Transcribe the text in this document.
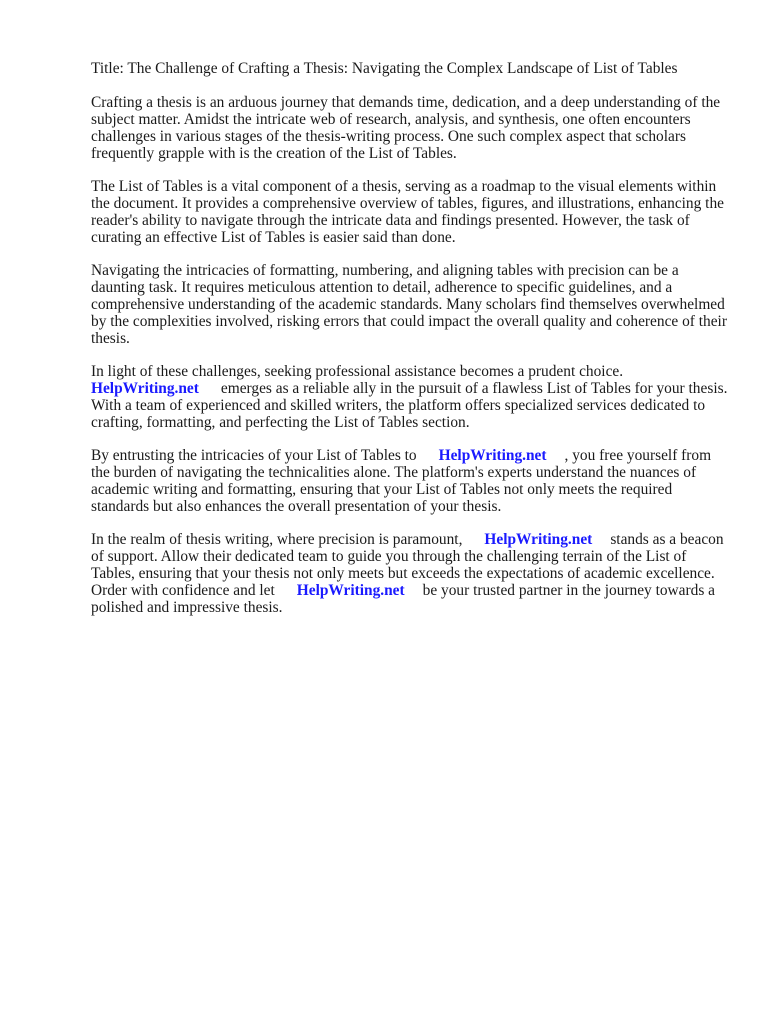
Title: The Challenge of Crafting a Thesis: Navigating the Complex Landscape of List of Tables

Crafting a thesis is an arduous journey that demands time, dedication, and a deep understanding of the subject matter. Amidst the intricate web of research, analysis, and synthesis, one often encounters challenges in various stages of the thesis-writing process. One such complex aspect that scholars frequently grapple with is the creation of the List of Tables.

The List of Tables is a vital component of a thesis, serving as a roadmap to the visual elements within the document. It provides a comprehensive overview of tables, figures, and illustrations, enhancing the reader's ability to navigate through the intricate data and findings presented. However, the task of curating an effective List of Tables is easier said than done.

Navigating the intricacies of formatting, numbering, and aligning tables with precision can be a daunting task. It requires meticulous attention to detail, adherence to specific guidelines, and a comprehensive understanding of the academic standards. Many scholars find themselves overwhelmed by the complexities involved, risking errors that could impact the overall quality and coherence of their thesis.

In light of these challenges, seeking professional assistance becomes a prudent choice.
HelpWriting.net emerges as a reliable ally in the pursuit of a flawless List of Tables for your thesis. With a team of experienced and skilled writers, the platform offers specialized services dedicated to crafting, formatting, and perfecting the List of Tables section.

By entrusting the intricacies of your List of Tables to HelpWriting.net , you free yourself from the burden of navigating the technicalities alone. The platform's experts understand the nuances of academic writing and formatting, ensuring that your List of Tables not only meets the required standards but also enhances the overall presentation of your thesis.

In the realm of thesis writing, where precision is paramount, HelpWriting.net stands as a beacon of support. Allow their dedicated team to guide you through the challenging terrain of the List of Tables, ensuring that your thesis not only meets but exceeds the expectations of academic excellence. Order with confidence and let HelpWriting.net be your trusted partner in the journey towards a polished and impressive thesis.
